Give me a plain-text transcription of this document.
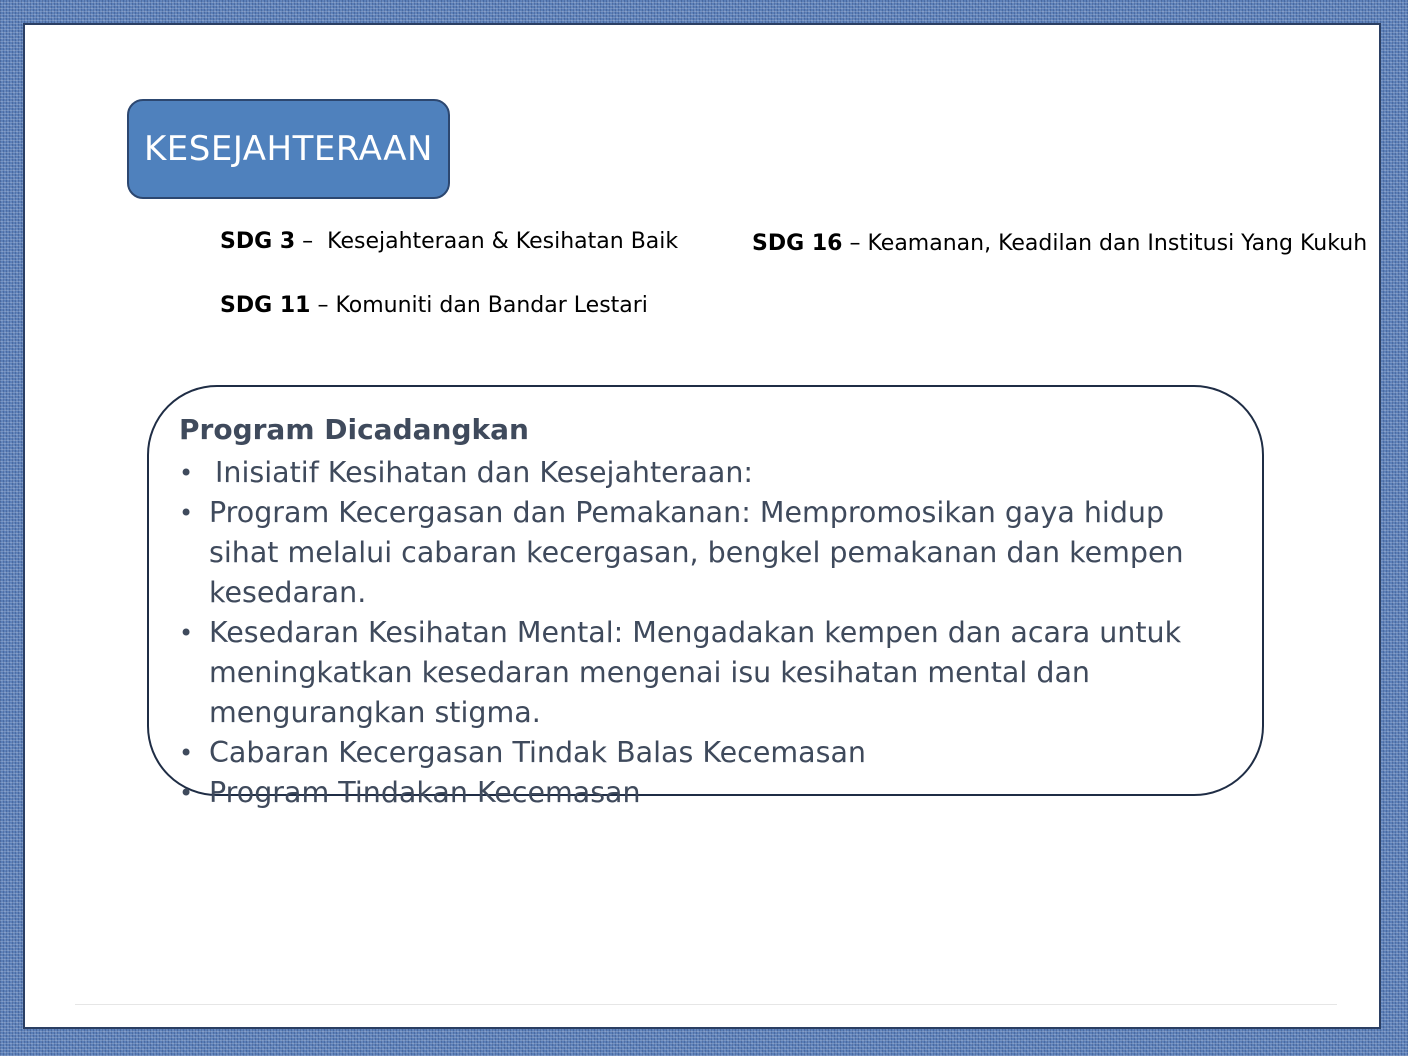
KESEJAHTERAAN
SDG 3 –  Kesejahteraan & Kesihatan Baik
SDG 11 – Komuniti dan Bandar Lestari
SDG 16 – Keamanan, Keadilan dan Institusi Yang Kukuh
Program Dicadangkan
• Inisiatif Kesihatan dan Kesejahteraan:
• Program Kecergasan dan Pemakanan: Mempromosikan gaya hidup sihat melalui cabaran kecergasan, bengkel pemakanan dan kempen kesedaran.
• Kesedaran Kesihatan Mental: Mengadakan kempen dan acara untuk meningkatkan kesedaran mengenai isu kesihatan mental dan mengurangkan stigma.
• Cabaran Kecergasan Tindak Balas Kecemasan
• Program Tindakan Kecemasan
